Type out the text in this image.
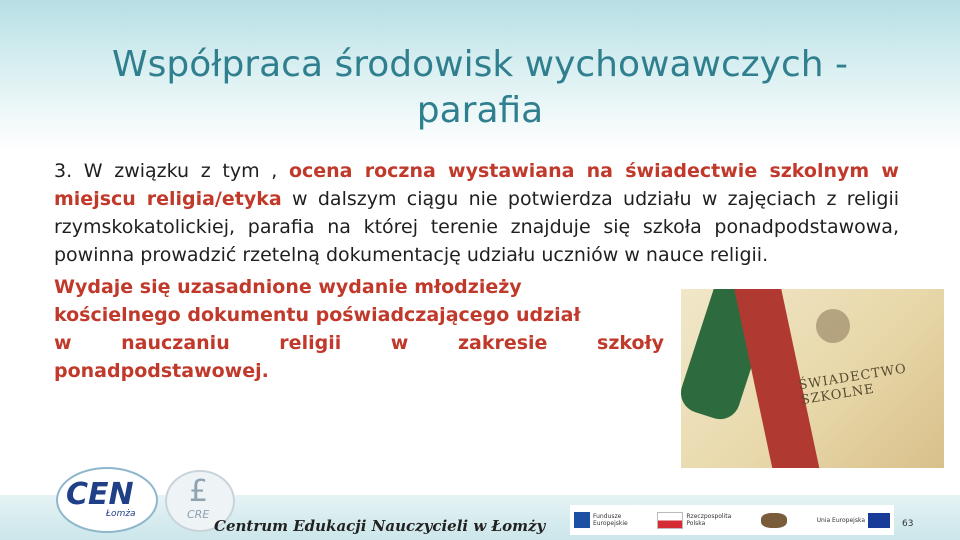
Współpraca środowisk wychowawczych -
parafia
3. W związku z tym , ocena roczna wystawiana na świadectwie szkolnym w miejscu religia/etyka w dalszym ciągu nie potwierdza udziału w zajęciach z religii rzymskokatolickiej, parafia na której terenie znajduje się szkoła ponadpodstawowa, powinna prowadzić rzetelną dokumentację udziału uczniów w nauce religii.
Wydaje się uzasadnione wydanie młodzieży
kościelnego dokumentu poświadczającego udział
w nauczaniu religii w zakresie szkoły ponadpodstawowej.	ŚWIADECTWO SZKOLNE
CEN
Łomża
£
CRE
Centrum Edukacji Nauczycieli w Łomży
Fundusze
Europejskie
Rzeczpospolita
Polska	Unia Europejska	63
